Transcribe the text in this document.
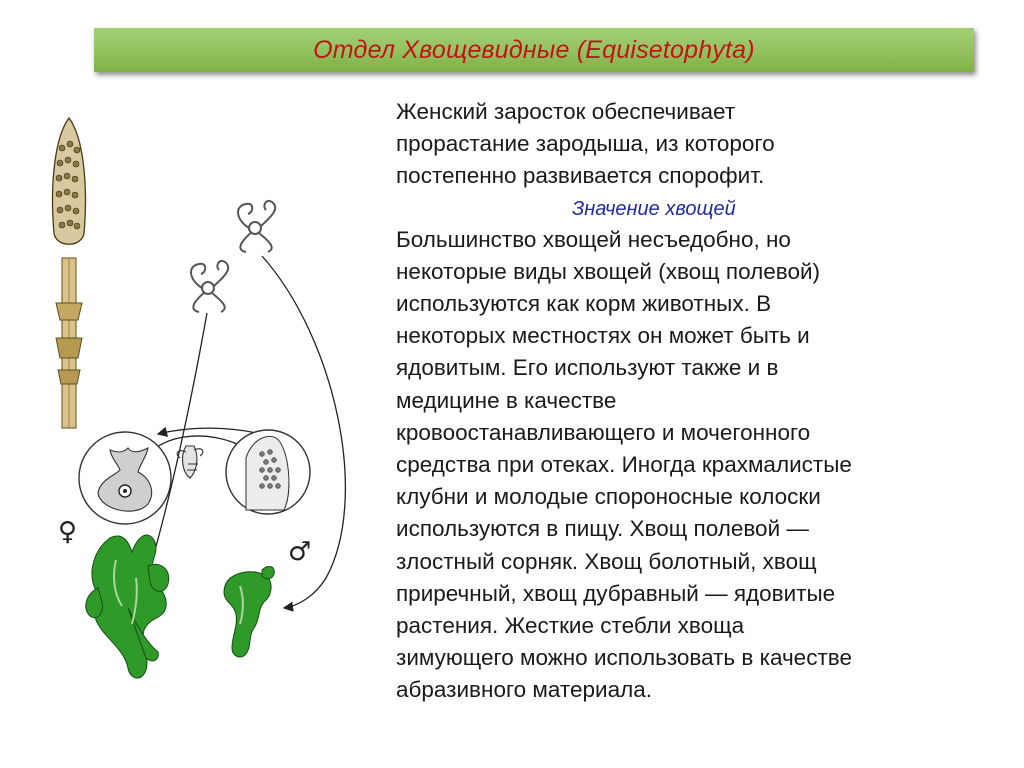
Отдел Хвощевидные (Equisetophyta)
♀
♂
Женский заросток обеспечивает
прорастание зародыша, из которого
постепенно развивается спорофит.
Значение хвощей
Большинство хвощей несъедобно, но
некоторые виды хвощей (хвощ полевой)
используются как корм животных. В
некоторых местностях он может быть и
ядовитым. Его используют также и в
медицине в качестве
кровоостанавливающего и мочегонного
средства при отеках. Иногда крахмалистые
клубни и молодые спороносные колоски
используются в пищу. Хвощ полевой —
злостный сорняк. Хвощ болотный, хвощ
приречный, хвощ дубравный — ядовитые
растения. Жесткие стебли хвоща
зимующего можно использовать в качестве
абразивного материала.
